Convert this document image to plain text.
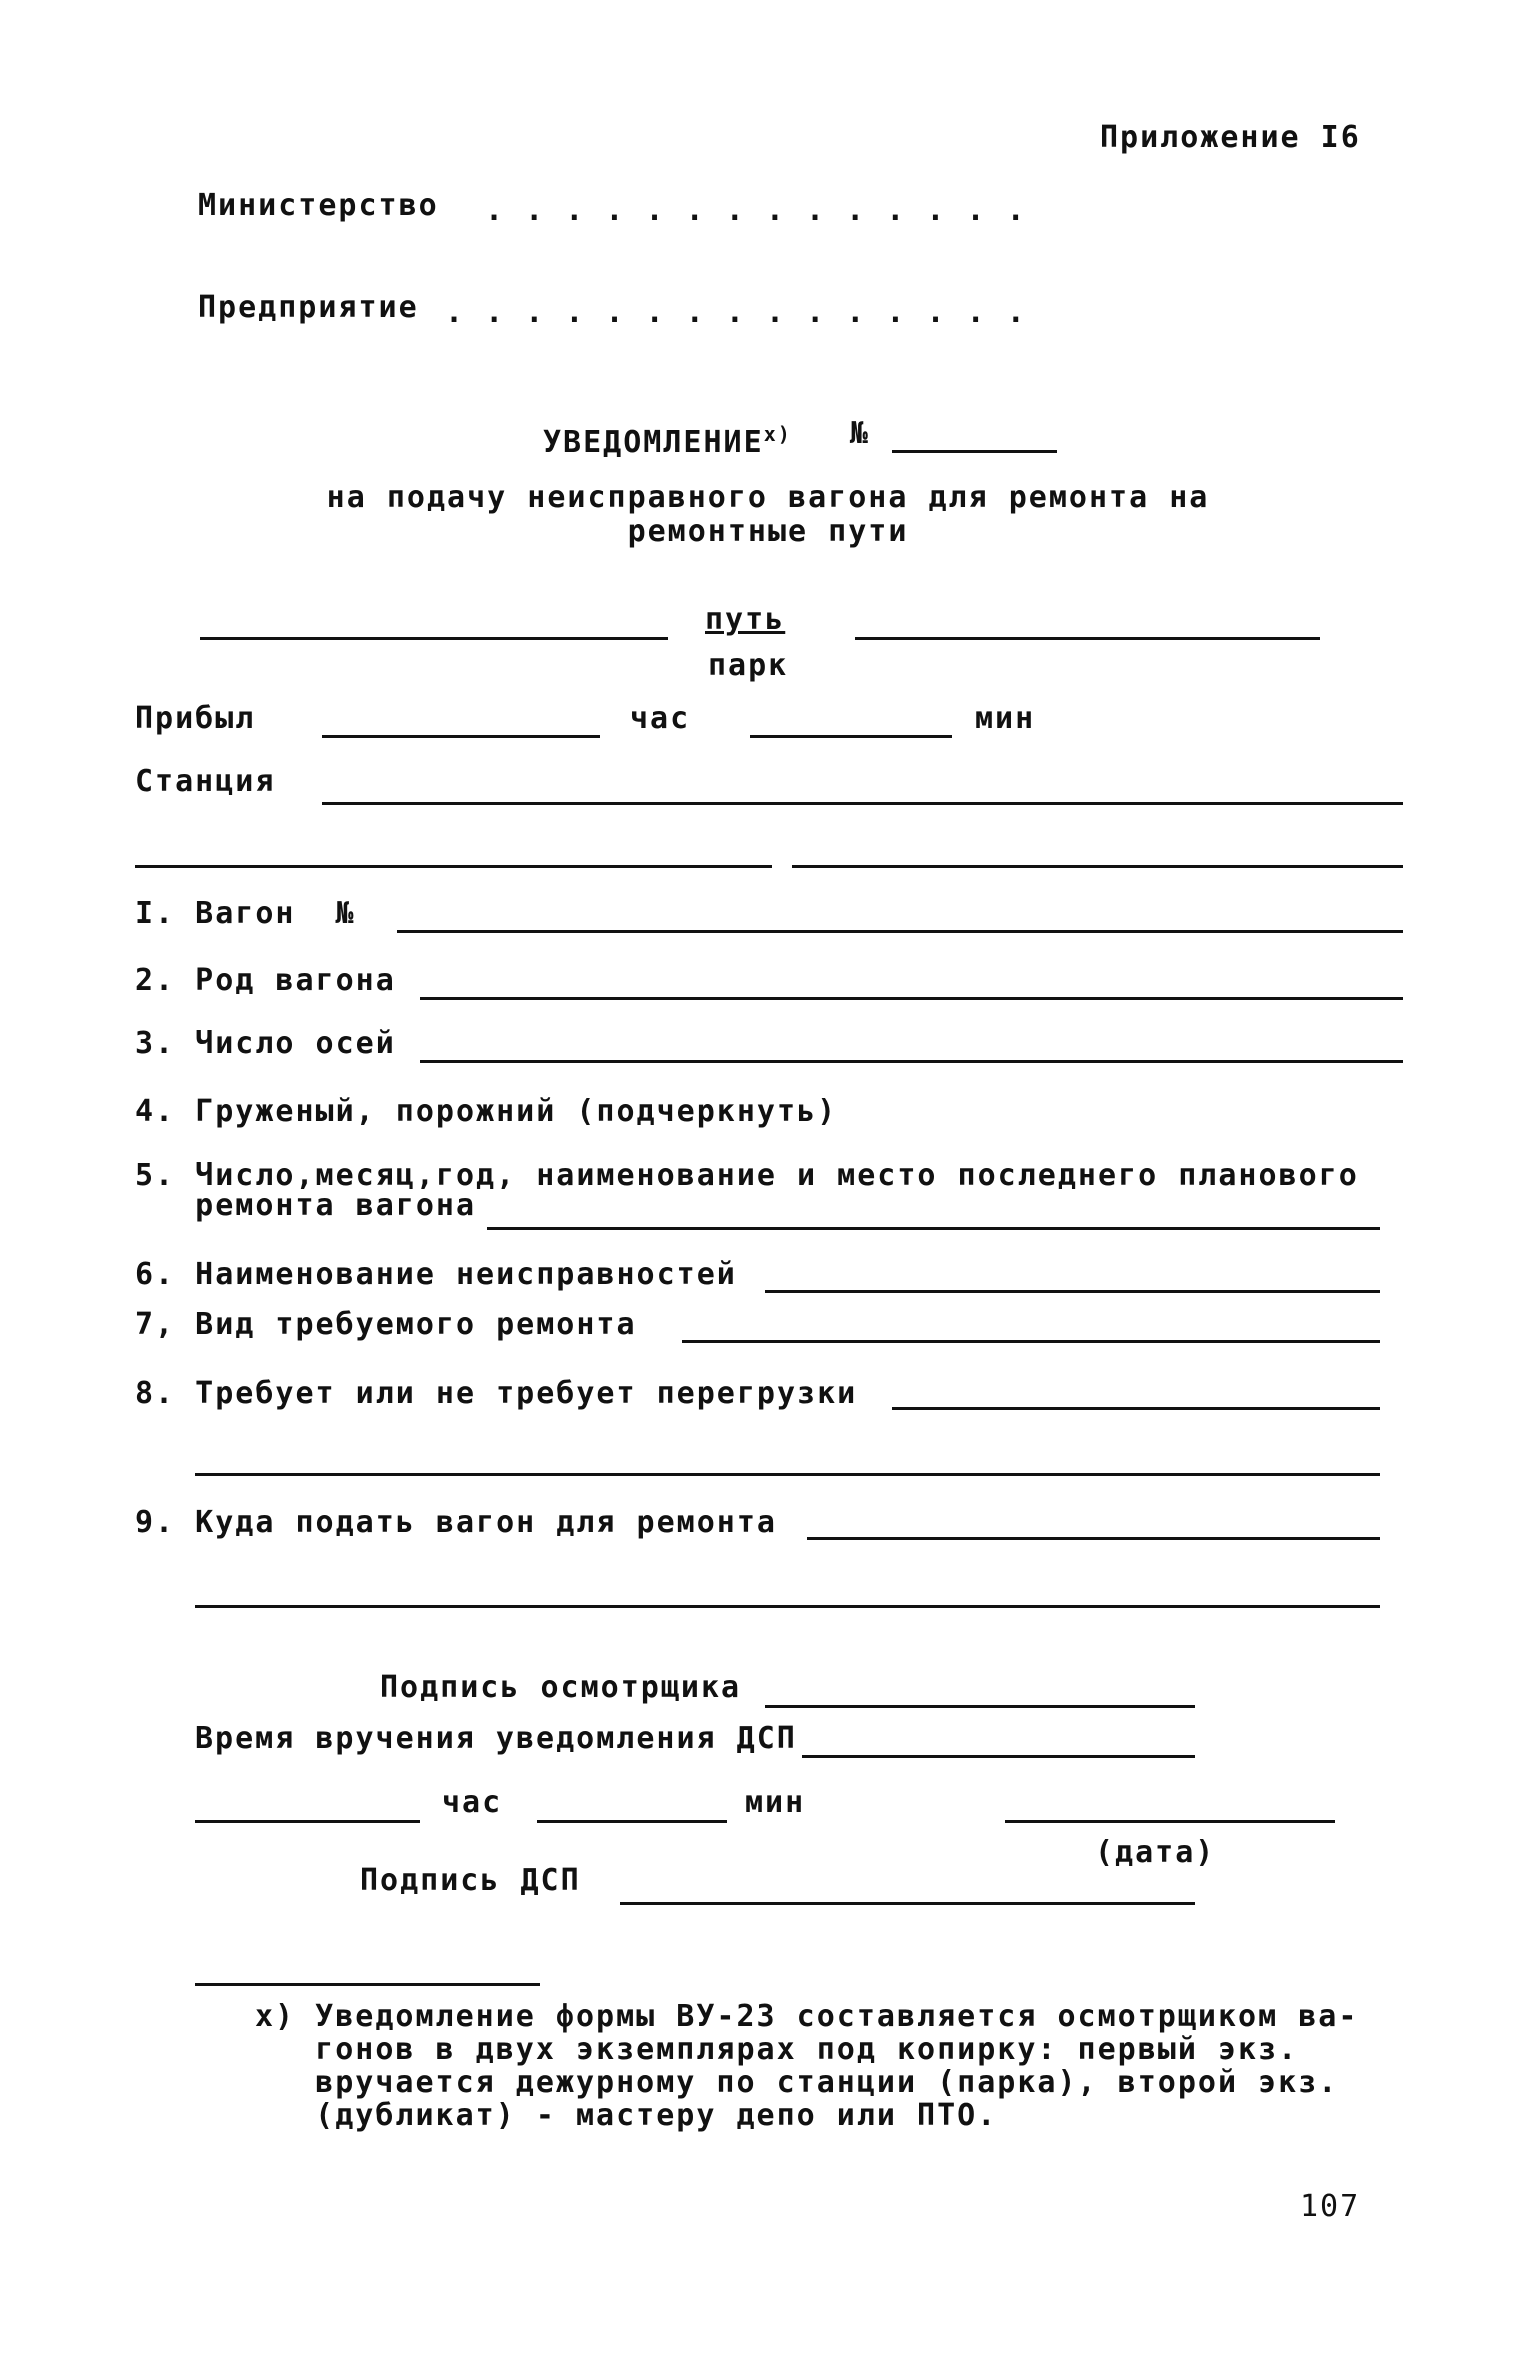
Приложение I6
Министерство . . . . . . . . . . . . . .
Предприятие . . . . . . . . . . . . . . .
$УВЕДОМЛЕНИЕ^{х)}$ №
на подачу неисправного вагона для ремонта на
ремонтные пути
путь
парк
Прибыл	час	мин
Станция
I. Вагон  №
2. Род вагона
3. Число осей
4. Груженый, порожний (подчеркнуть)
5. Число,месяц,год, наименование и место последнего планового
ремонта вагона
6. Наименование неисправностей
7, Вид требуемого ремонта
8. Требует или не требует перегрузки
9. Куда подать вагон для ремонта
Подпись осмотрщика
Время вручения уведомления ДСП
час	мин
(дата)
Подпись ДСП
х) Уведомление формы ВУ-23 составляется осмотрщиком ва-
гонов в двух экземплярах под копирку: первый экз.
вручается дежурному по станции (парка), второй экз.
(дубликат) - мастеру депо или ПТО.
107
